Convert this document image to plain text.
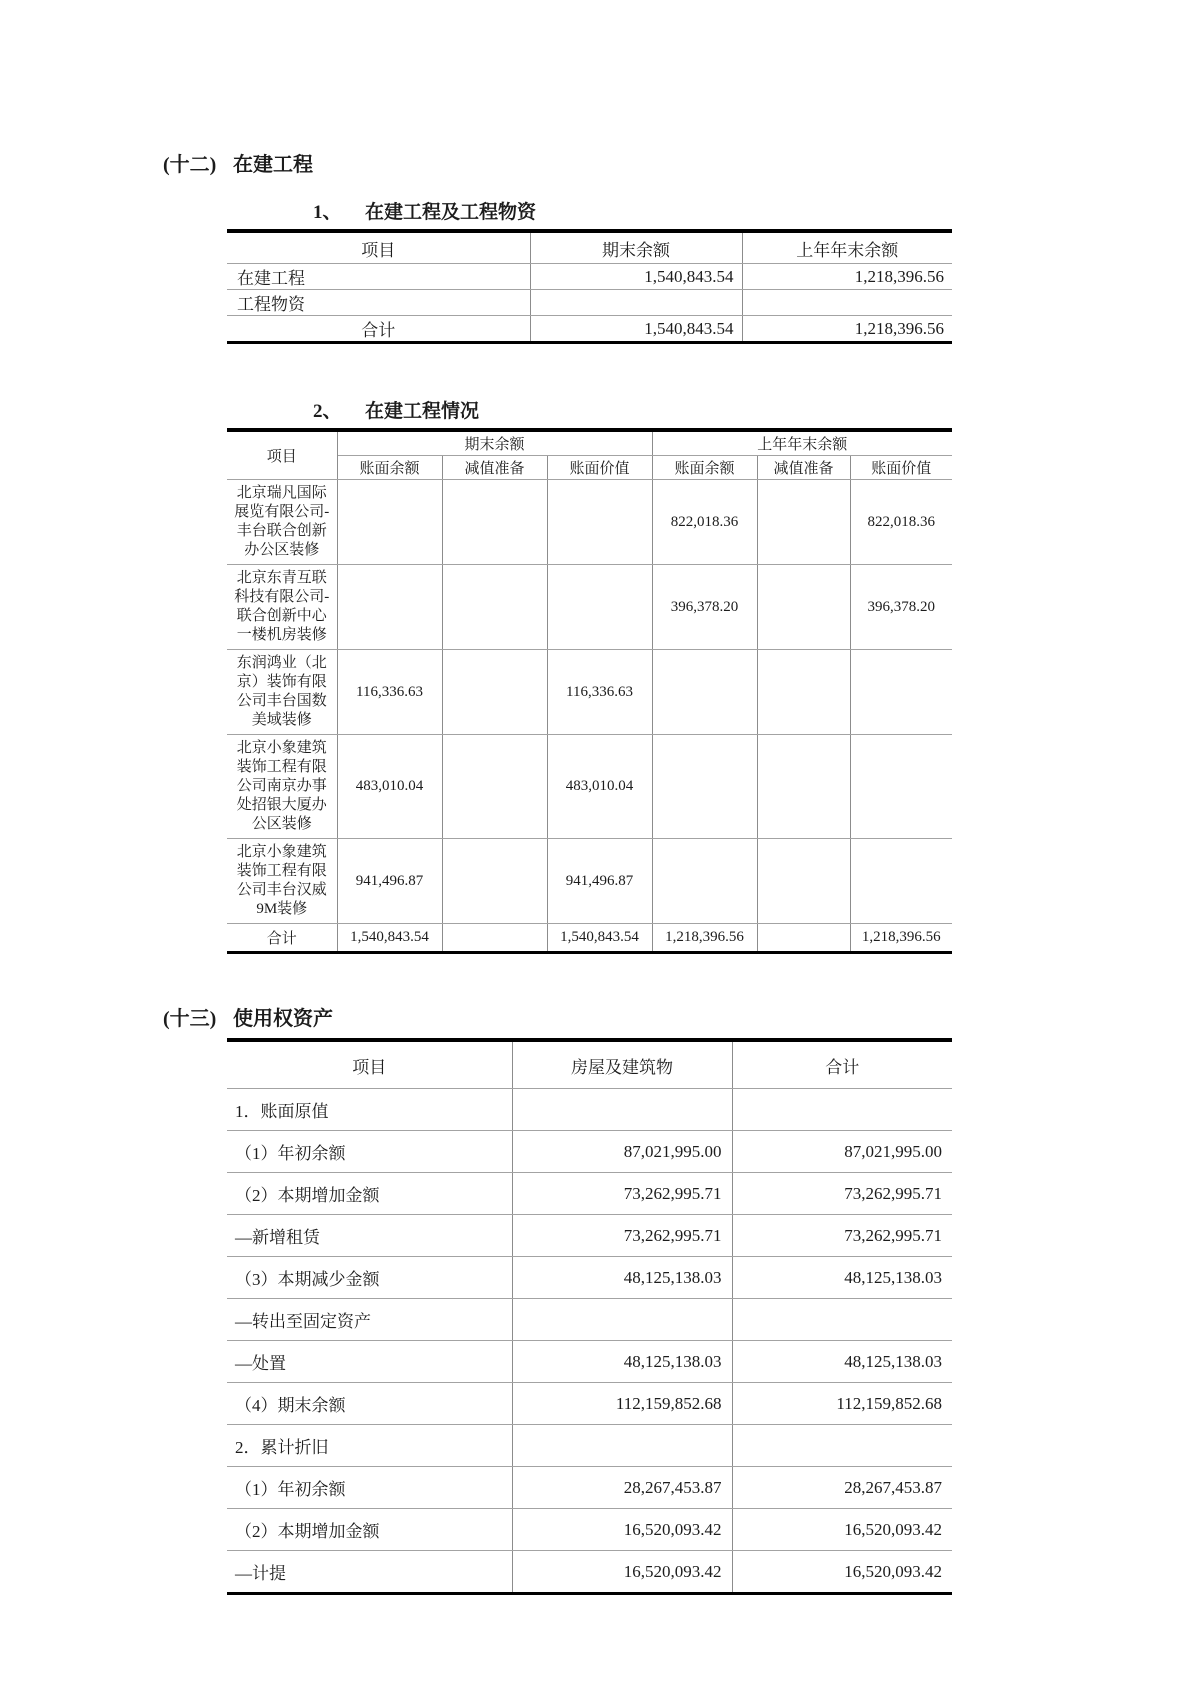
(十二) 在建工程
1、	在建工程及工程物资
项目	期末余额	上年年末余额
在建工程	1,540,843.54	1,218,396.56
工程物资		
合计	1,540,843.54	1,218,396.56
2、	在建工程情况
项目	期末余额			上年年末余额		
	账面余额	减值准备	账面价值	账面余额	减值准备	账面价值
北京瑞凡国际展览有限公司-丰台联合创新办公区装修				822,018.36		822,018.36
北京东青互联科技有限公司-联合创新中心一楼机房装修				396,378.20		396,378.20
东润鸿业（北京）装饰有限公司丰台国数美域装修	116,336.63		116,336.63			
北京小象建筑装饰工程有限公司南京办事处招银大厦办公区装修	483,010.04		483,010.04			
北京小象建筑装饰工程有限公司丰台汉威9M装修	941,496.87		941,496.87			
合计	1,540,843.54		1,540,843.54	1,218,396.56		1,218,396.56
(十三) 使用权资产
项目	房屋及建筑物	合计
1．账面原值		
（1）年初余额	87,021,995.00	87,021,995.00
（2）本期增加金额	73,262,995.71	73,262,995.71
—新增租赁	73,262,995.71	73,262,995.71
（3）本期减少金额	48,125,138.03	48,125,138.03
—转出至固定资产		
—处置	48,125,138.03	48,125,138.03
（4）期末余额	112,159,852.68	112,159,852.68
2．累计折旧		
（1）年初余额	28,267,453.87	28,267,453.87
（2）本期增加金额	16,520,093.42	16,520,093.42
—计提	16,520,093.42	16,520,093.42
